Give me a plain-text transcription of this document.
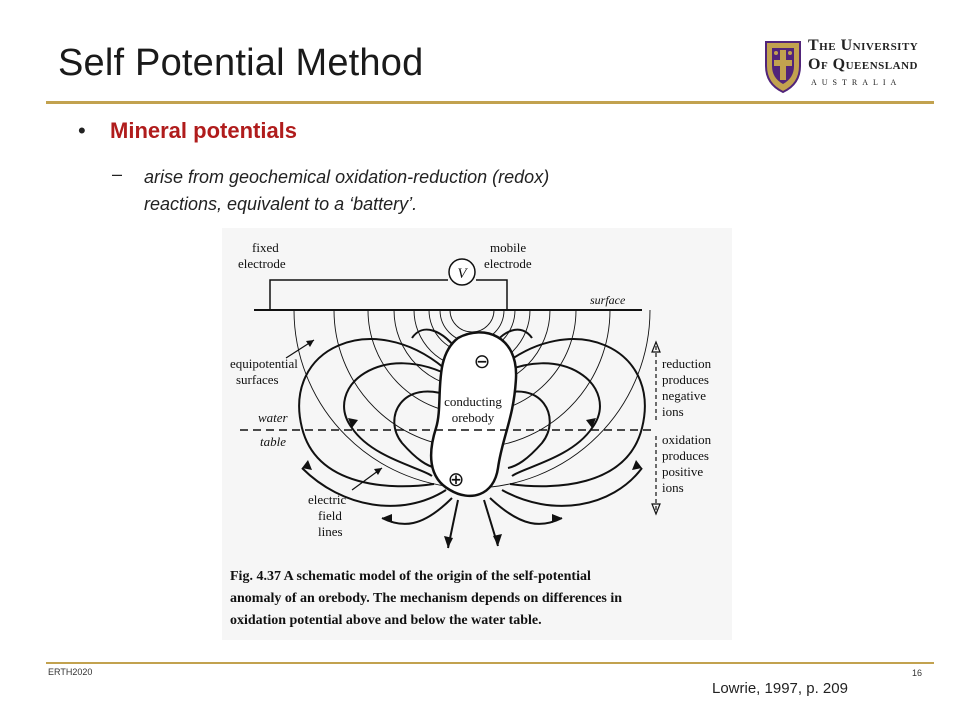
Self Potential Method	The University
Of Queensland
AUSTRALIA
• Mineral potentials
– arise from geochemical oxidation-reduction (redox) reactions, equivalent to a ‘battery’.
V
fixed
electrode
mobile
electrode
surface
⊖
⊕
conducting
orebody
water
table
equipotential
surfaces
electric
field
lines
reduction
produces
negative
ions
oxidation
produces
positive
ions
Fig. 4.37 A schematic model of the origin of the self-potential
anomaly of an orebody. The mechanism depends on differences in
oxidation potential above and below the water table.
ERTH2020	16
Lowrie, 1997, p. 209
